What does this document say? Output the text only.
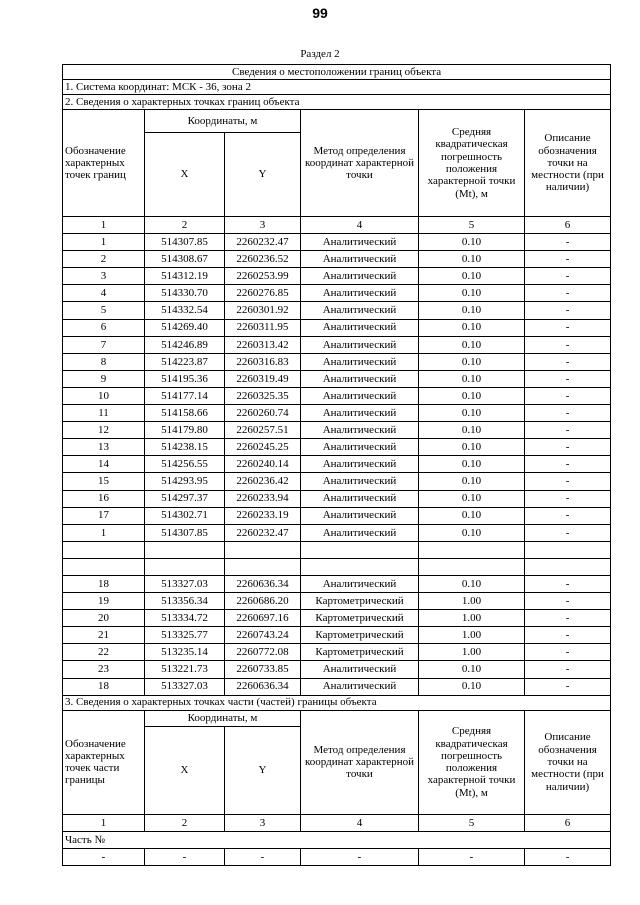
99
Раздел 2
Сведения о местоположении границ объекта					
1. Система координат: МСК - 36, зона 2					
2. Сведения о характерных точках границ объекта					
Обозначение характерных точек границ	Координаты, м		Метод определения координат характерной точки	Средняя квадратическая погрешность положения характерной точки (Mt), м	Описание обозначения точки на местности (при наличии)
	X	Y			
1	2	3	4	5	6
1	514307.85	2260232.47	Аналитический	0.10	-
2	514308.67	2260236.52	Аналитический	0.10	-
3	514312.19	2260253.99	Аналитический	0.10	-
4	514330.70	2260276.85	Аналитический	0.10	-
5	514332.54	2260301.92	Аналитический	0.10	-
6	514269.40	2260311.95	Аналитический	0.10	-
7	514246.89	2260313.42	Аналитический	0.10	-
8	514223.87	2260316.83	Аналитический	0.10	-
9	514195.36	2260319.49	Аналитический	0.10	-
10	514177.14	2260325.35	Аналитический	0.10	-
11	514158.66	2260260.74	Аналитический	0.10	-
12	514179.80	2260257.51	Аналитический	0.10	-
13	514238.15	2260245.25	Аналитический	0.10	-
14	514256.55	2260240.14	Аналитический	0.10	-
15	514293.95	2260236.42	Аналитический	0.10	-
16	514297.37	2260233.94	Аналитический	0.10	-
17	514302.71	2260233.19	Аналитический	0.10	-
1	514307.85	2260232.47	Аналитический	0.10	-

18	513327.03	2260636.34	Аналитический	0.10	-
19	513356.34	2260686.20	Картометрический	1.00	-
20	513334.72	2260697.16	Картометрический	1.00	-
21	513325.77	2260743.24	Картометрический	1.00	-
22	513235.14	2260772.08	Картометрический	1.00	-
23	513221.73	2260733.85	Аналитический	0.10	-
18	513327.03	2260636.34	Аналитический	0.10	-
3. Сведения о характерных точках части (частей) границы объекта					
Обозначение характерных точек части границы	Координаты, м		Метод определения координат характерной точки	Средняя квадратическая погрешность положения характерной точки (Mt), м	Описание обозначения точки на местности (при наличии)
	X	Y			
1	2	3	4	5	6
Часть №					
-	-	-	-	-	-
